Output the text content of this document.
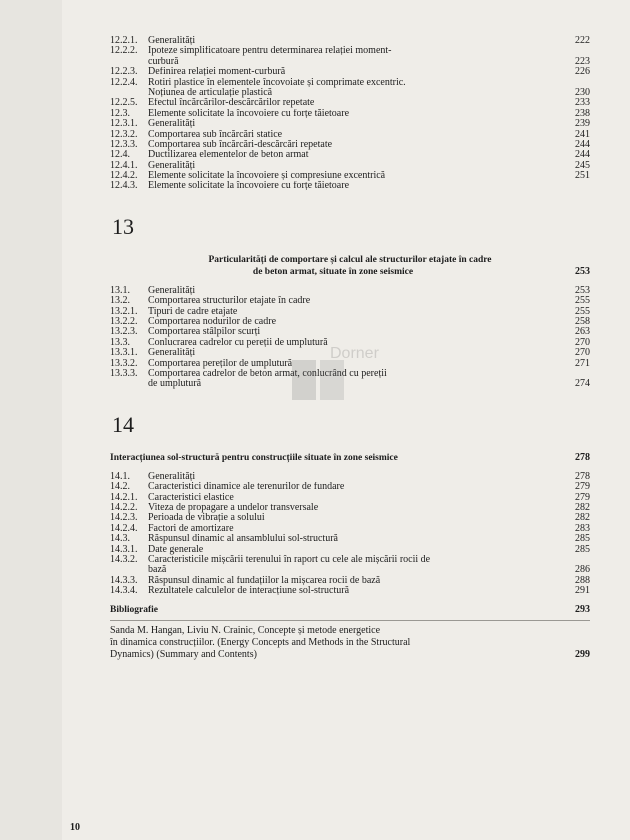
12.2.1.	Generalități	222
12.2.2.	Ipoteze simplificatoare pentru determinarea relației moment-
curbură	223
12.2.3.	Definirea relației moment-curbură	226
12.2.4.	Rotiri plastice în elementele încovoiate și comprimate excentric.
Noțiunea de articulație plastică	230
12.2.5.	Efectul încărcărilor-descărcărilor repetate	233
12.3.	Elemente solicitate la încovoiere cu forțe tăietoare	238
12.3.1.	Generalități	239
12.3.2.	Comportarea sub încărcări statice	241
12.3.3.	Comportarea sub încărcări-descărcări repetate	244
12.4.	Ductilizarea elementelor de beton armat	244
12.4.1.	Generalități	245
12.4.2.	Elemente solicitate la încovoiere și compresiune excentrică	251
12.4.3.	Elemente solicitate la încovoiere cu forțe tăietoare
13
Particularități de comportare și calcul ale structurilor etajate în cadre
de beton armat, situate în zone seismice	253
13.1.	Generalități	253
13.2.	Comportarea structurilor etajate în cadre	255
13.2.1.	Tipuri de cadre etajate	255
13.2.2.	Comportarea nodurilor de cadre	258
13.2.3.	Comportarea stâlpilor scurți	263
13.3.	Conlucrarea cadrelor cu pereții de umplutură	270
13.3.1.	Generalități	270
13.3.2.	Comportarea pereților de umplutură	271
13.3.3.	Comportarea cadrelor de beton armat, conlucrând cu pereții
de umplutură	274
14
Interacțiunea sol-structură pentru construcțiile situate în zone seismice	278
14.1.	Generalități	278
14.2.	Caracteristici dinamice ale terenurilor de fundare	279
14.2.1.	Caracteristici elastice	279
14.2.2.	Viteza de propagare a undelor transversale	282
14.2.3.	Perioada de vibrație a solului	282
14.2.4.	Factori de amortizare	283
14.3.	Răspunsul dinamic al ansamblului sol-structură	285
14.3.1.	Date generale	285
14.3.2.	Caracteristicile mișcării terenului în raport cu cele ale mișcării rocii de
bază	286
14.3.3.	Răspunsul dinamic al fundațiilor la mișcarea rocii de bază	288
14.3.4.	Rezultatele calculelor de interacțiune sol-structură	291
Bibliografie	293
Sanda M. Hangan, Liviu N. Crainic, Concepte și metode energetice
în dinamica construcțiilor. (Energy Concepts and Methods in the Structural
Dynamics) (Summary and Contents)	299
Dorner
10
